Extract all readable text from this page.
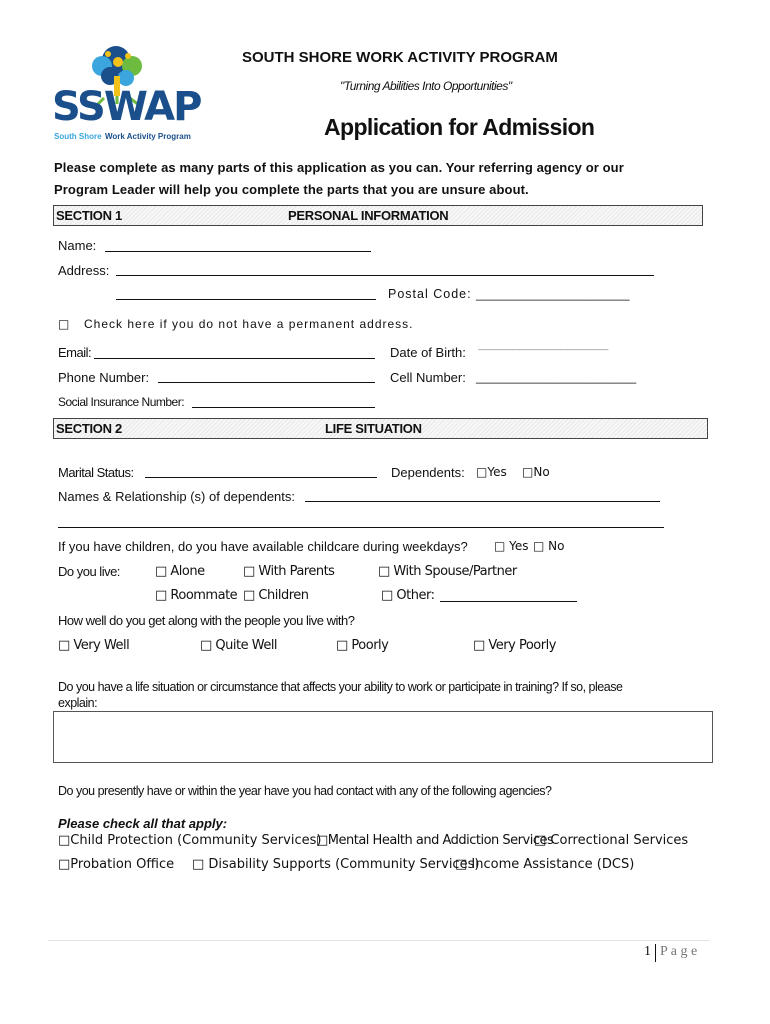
SSWAP
South Shore Work Activity Program
SOUTH SHORE WORK ACTIVITY PROGRAM
"Turning Abilities Into Opportunities"
Application for Admission
Please complete as many parts of this application as you can. Your referring agency or our
Program Leader will help you complete the parts that you are unsure about.
SECTION 1	PERSONAL INFORMATION
Name:
Address:
Postal Code: _______________________
□ Check here if you do not have a permanent address.
Email:	Date of Birth: ———————————————————
Phone Number:	Cell Number: ________________________
Social Insurance Number:
SECTION 2	LIFE SITUATION
Marital Status:	Dependents: □Yes □No
Names & Relationship (s) of dependents:
If you have children, do you have available childcare during weekdays? □ Yes □ No
Do you live:	□ Alone	□ With Parents	□ With Spouse/Partner
□ Roommate □ Children	□ Other:
How well do you get along with the people you live with?
□ Very Well	□ Quite Well	□ Poorly	□ Very Poorly
Do you have a life situation or circumstance that affects your ability to work or participate in training? If so, please
explain:
Do you presently have or within the year have you had contact with any of the following agencies?
Please check all that apply:
□Child Protection (Community Services)
□Mental Health and Addiction Services
□ Correctional Services
□Probation Office □ Disability Supports (Community Services)
□ Income Assistance (DCS)
1 P a g e
